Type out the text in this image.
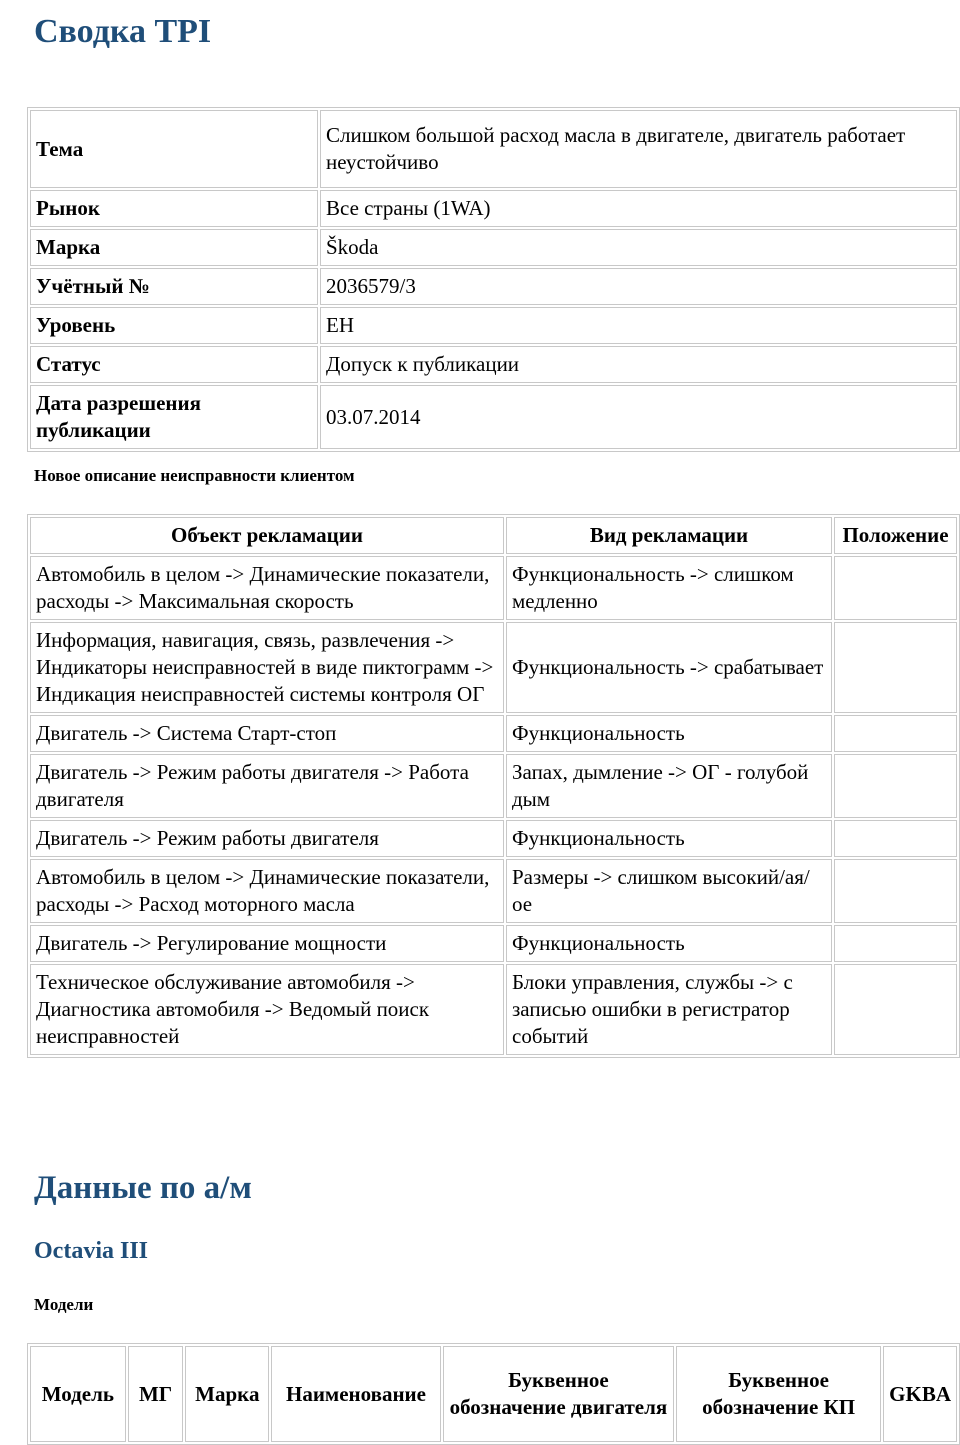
Сводка TPI
Тема	Слишком большой расход масла в двигателе, двигатель работает неустойчиво
Рынок	Все страны (1WA)
Марка	Škoda
Учётный №	2036579/3
Уровень	EH
Статус	Допуск к публикации
Дата разрешения публикации	03.07.2014

Новое описание неисправности клиентом

Объект рекламации	Вид рекламации	Положение
Автомобиль в целом -> Динамические показатели, расходы -> Максимальная скорость	Функциональность -> слишком медленно	
Информация, навигация, связь, развлечения -> Индикаторы неисправностей в виде пиктограмм -> Индикация неисправностей системы контроля ОГ	Функциональность -> срабатывает	
Двигатель -> Система Старт-стоп	Функциональность	
Двигатель -> Режим работы двигателя -> Работа двигателя	Запах, дымление -> ОГ - голубой дым	
Двигатель -> Режим работы двигателя	Функциональность	
Автомобиль в целом -> Динамические показатели, расходы -> Расход моторного масла	Размеры -> слишком высокий/ая/ое	
Двигатель -> Регулирование мощности	Функциональность	
Техническое обслуживание автомобиля -> Диагностика автомобиля -> Ведомый поиск неисправностей	Блоки управления, службы -> с записью ошибки в регистратор событий	
Данные по а/м
Octavia III

Модели

Модель	МГ	Марка	Наименование	Буквенное обозначение двигателя	Буквенное обозначение КП	GKBA
